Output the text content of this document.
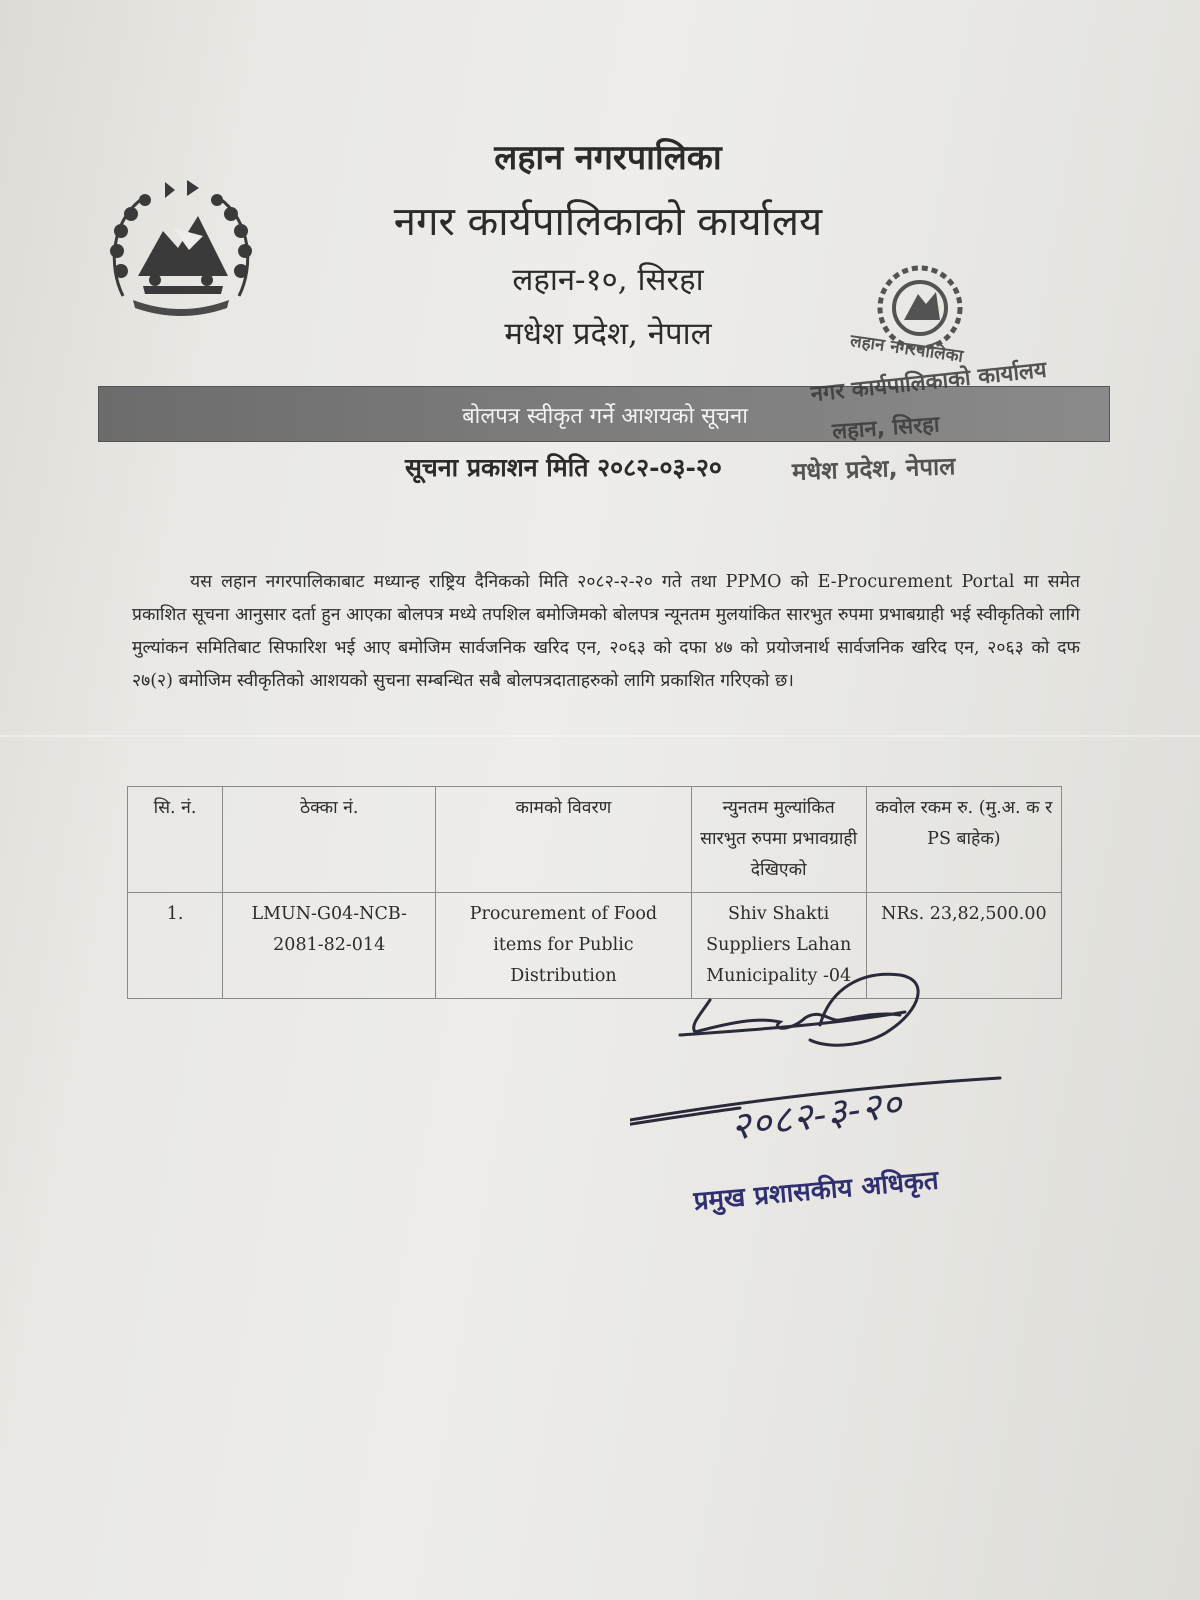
लहान नगरपालिका
नगर कार्यपालिकाको कार्यालय
लहान-१०, सिरहा
मधेश प्रदेश, नेपाल
बोलपत्र स्वीकृत गर्ने आशयको सूचना
सूचना प्रकाशन मिति २०८२-०३-२०
लहान नगरपालिका
नगर कार्यपालिकाको कार्यालय
लहान, सिरहा
मधेश प्रदेश, नेपाल
यस लहान नगरपालिकाबाट मध्यान्ह राष्ट्रिय दैनिकको मिति २०८२-२-२० गते तथा PPMO को E-Procurement Portal मा समेत प्रकाशित सूचना आनुसार दर्ता हुन आएका बोलपत्र मध्ये तपशिल बमोजिमको बोलपत्र न्यूनतम मुलयांकित सारभुत रुपमा प्रभाबग्राही भई स्वीकृतिको लागि मुल्यांकन समितिबाट सिफारिश भई आए बमोजिम सार्वजनिक खरिद एन, २०६३ को दफा ४७ को प्रयोजनार्थ सार्वजनिक खरिद एन, २०६३ को दफ २७(२) बमोजिम स्वीकृतिको आशयको सुचना सम्बन्धित सबै बोलपत्रदाताहरुको लागि प्रकाशित गरिएको छ।
सि. नं.	ठेक्का नं.	कामको विवरण	न्युनतम मुल्यांकित सारभुत रुपमा प्रभावग्राही देखिएको	कवोल रकम रु. (मु.अ. क र PS बाहेक)
1.	LMUN-G04-NCB-2081-82-014	Procurement of Food items for Public Distribution	Shiv Shakti Suppliers Lahan Municipality -04	NRs. 23,82,500.00
२०८२-३-२०
प्रमुख प्रशासकीय अधिकृत
